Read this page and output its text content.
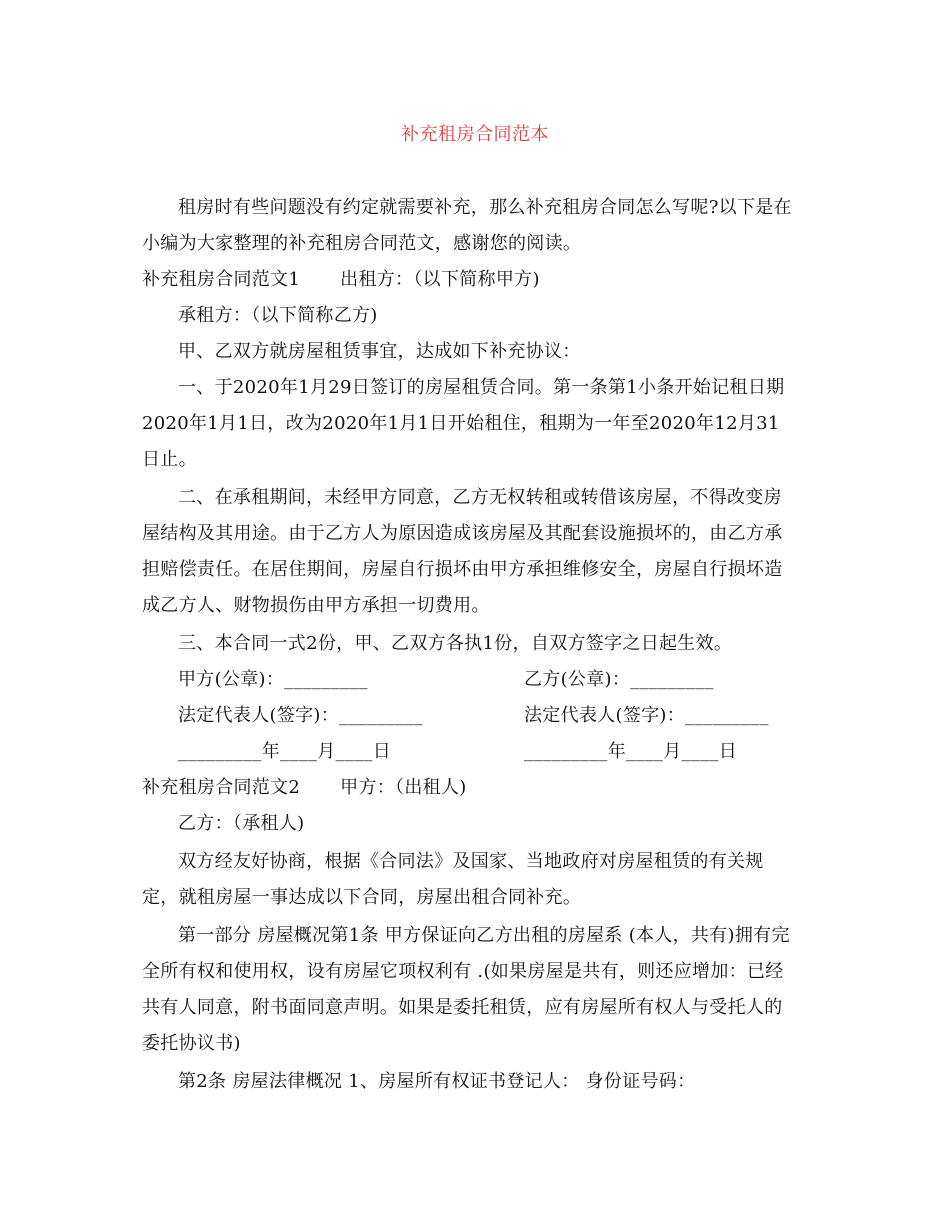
补充租房合同范本
租房时有些问题没有约定就需要补充，那么补充租房合同怎么写呢?以下是在
小编为大家整理的补充租房合同范文，感谢您的阅读。
补充租房合同范文1 出租方：（以下简称甲方)
承租方：（以下简称乙方)
甲、乙双方就房屋租赁事宜，达成如下补充协议：
一、于2020年1月29日签订的房屋租赁合同。第一条第1小条开始记租日期
2020年1月1日，改为2020年1月1日开始租住，租期为一年至2020年12月31
日止。
二、在承租期间，未经甲方同意，乙方无权转租或转借该房屋，不得改变房
屋结构及其用途。由于乙方人为原因造成该房屋及其配套设施损坏的，由乙方承
担赔偿责任。在居住期间，房屋自行损坏由甲方承担维修安全，房屋自行损坏造
成乙方人、财物损伤由甲方承担一切费用。
三、本合同一式2份，甲、乙双方各执1份，自双方签字之日起生效。
甲方(公章)：_________	乙方(公章)：_________
法定代表人(签字)：_________	法定代表人(签字)：_________
_________年____月____日	_________年____月____日
补充租房合同范文2 甲方：（出租人)
乙方：（承租人)
双方经友好协商，根据《合同法》及国家、当地政府对房屋租赁的有关规
定，就租房屋一事达成以下合同，房屋出租合同补充。
第一部分 房屋概况第1条 甲方保证向乙方出租的房屋系 (本人，共有)拥有完
全所有权和使用权，设有房屋它项权利有 .(如果房屋是共有，则还应增加：已经
共有人同意，附书面同意声明。如果是委托租赁，应有房屋所有权人与受托人的
委托协议书)
第2条 房屋法律概况 1、房屋所有权证书登记人： 身份证号码：
